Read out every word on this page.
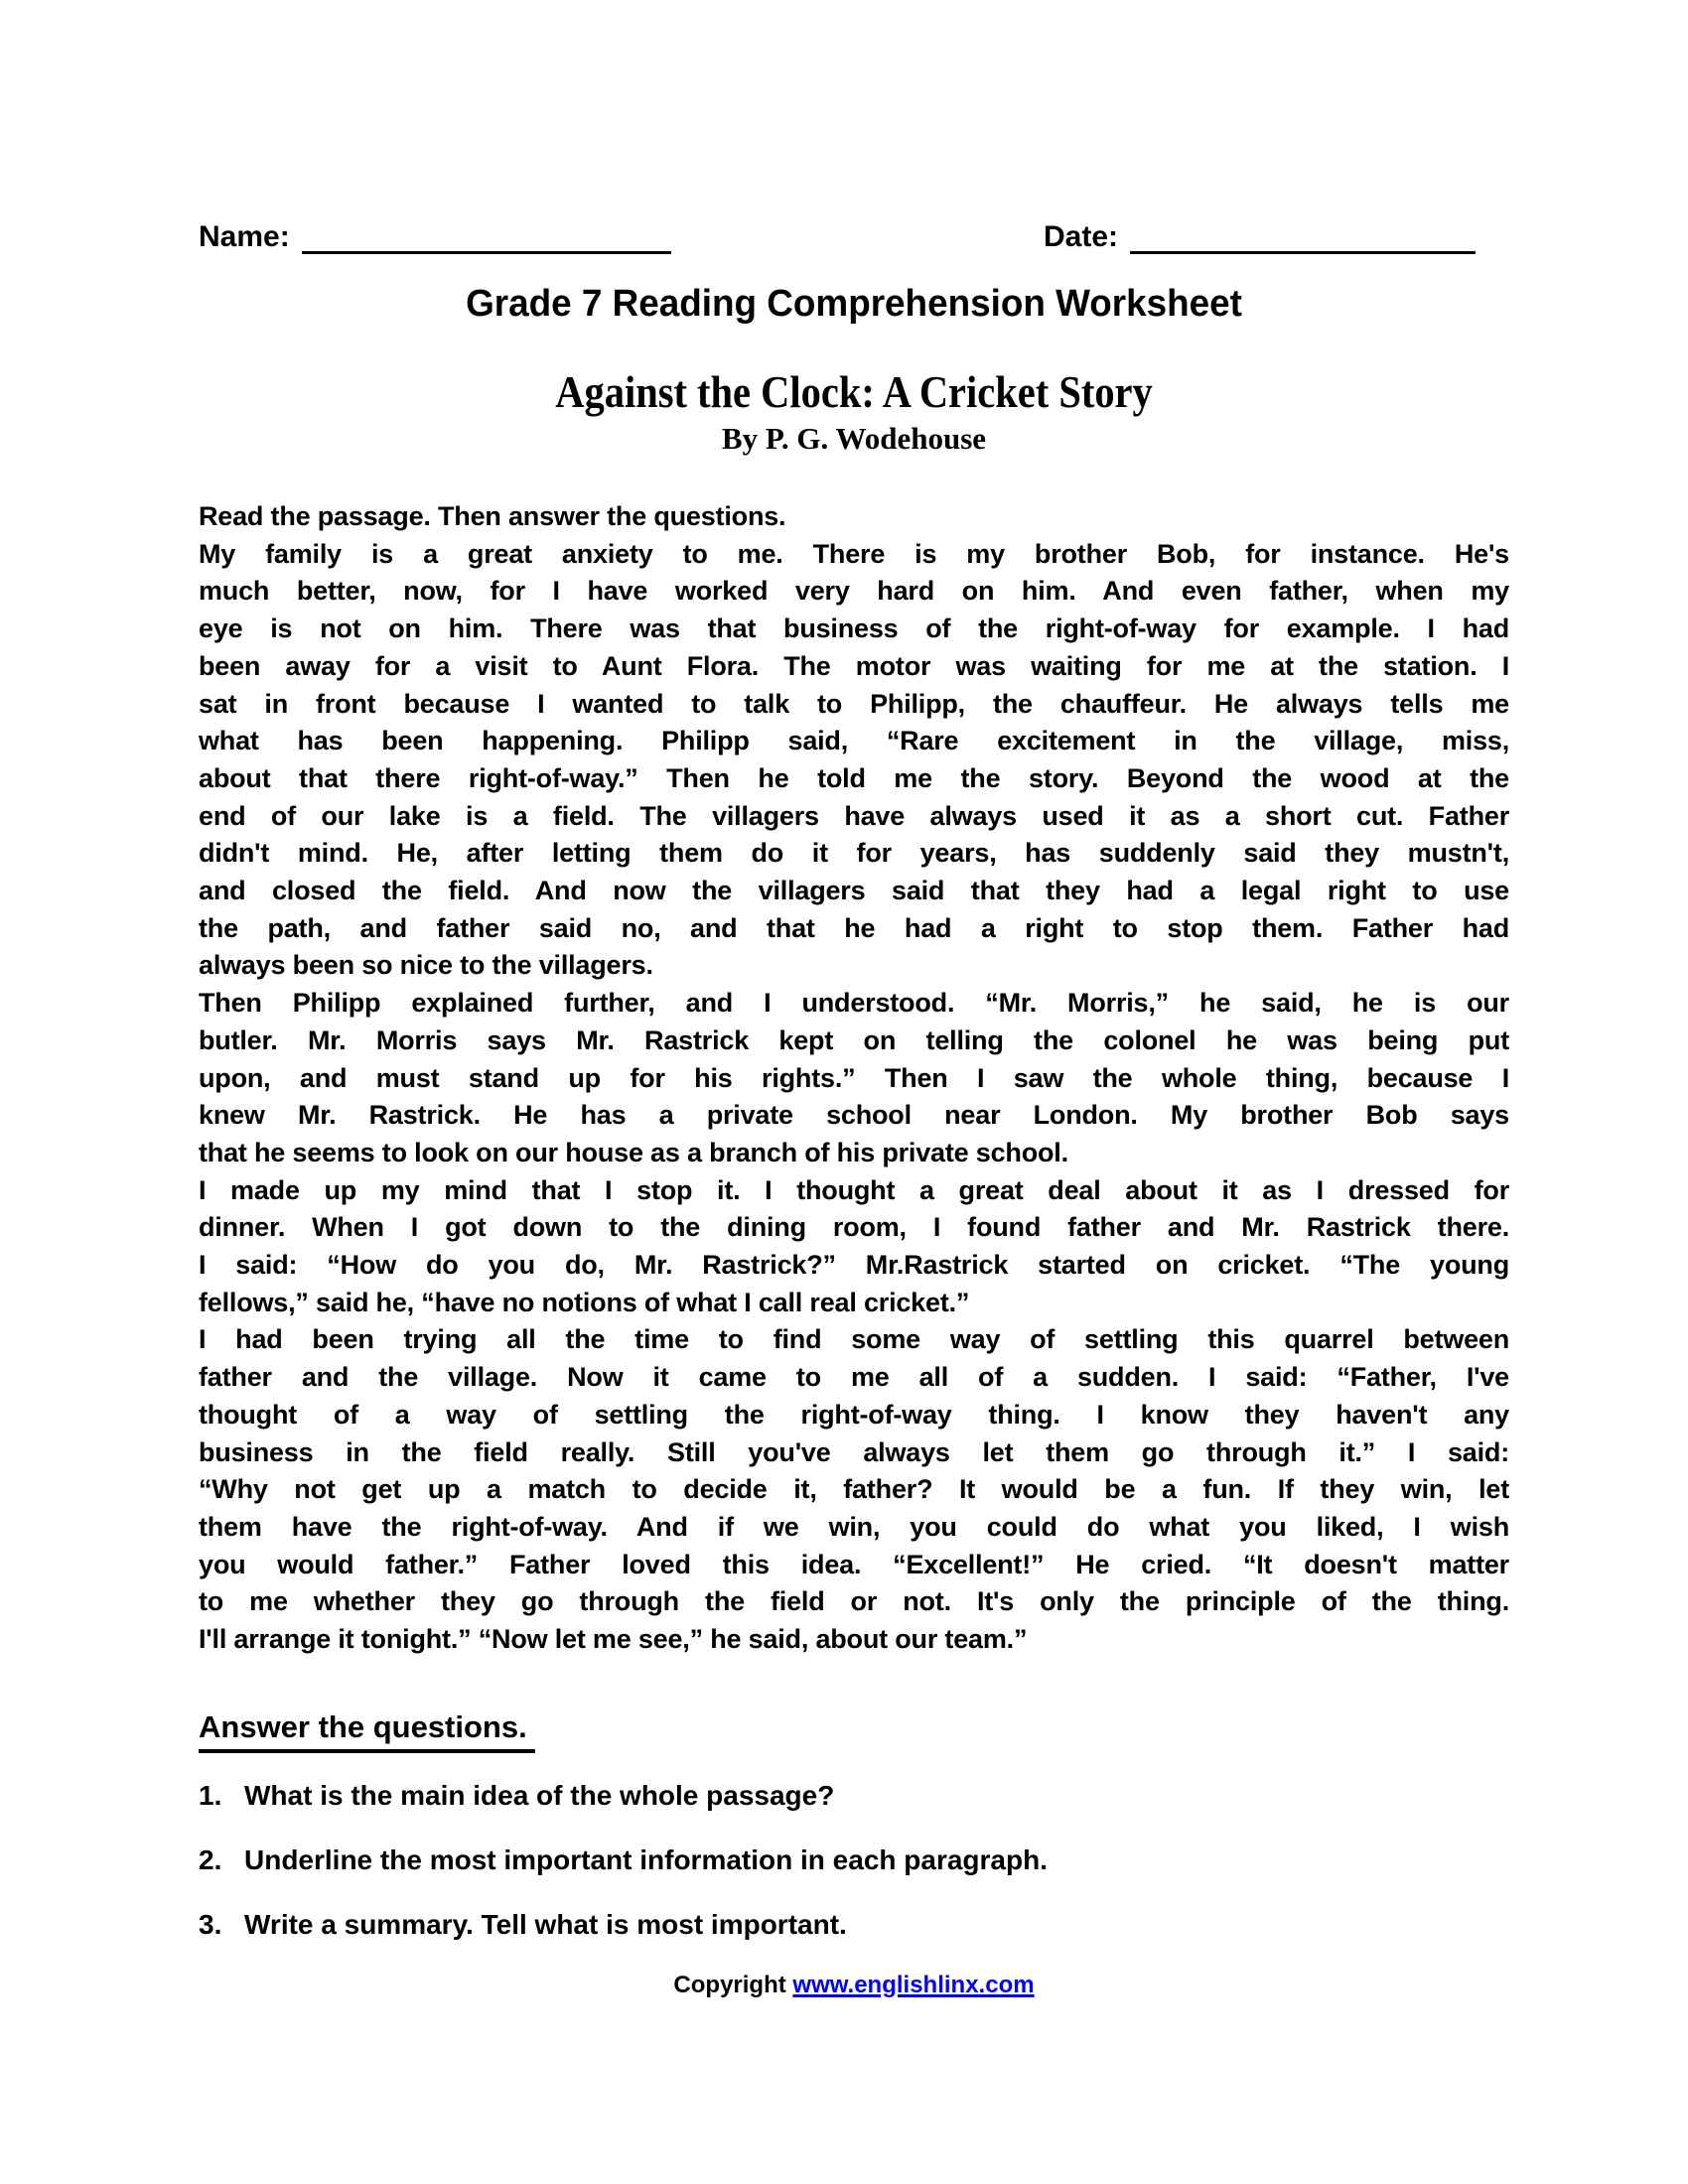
Name:	Date:
Grade 7 Reading Comprehension Worksheet
Against the Clock: A Cricket Story
By P. G. Wodehouse
Read the passage. Then answer the questions.
My family is a great anxiety to me. There is my brother Bob, for instance. He's
much better, now, for I have worked very hard on him. And even father, when my
eye is not on him. There was that business of the right-of-way for example. I had
been away for a visit to Aunt Flora. The motor was waiting for me at the station. I
sat in front because I wanted to talk to Philipp, the chauffeur. He always tells me
what has been happening. Philipp said, “Rare excitement in the village, miss,
about that there right-of-way.” Then he told me the story. Beyond the wood at the
end of our lake is a field. The villagers have always used it as a short cut. Father
didn't mind. He, after letting them do it for years, has suddenly said they mustn't,
and closed the field. And now the villagers said that they had a legal right to use
the path, and father said no, and that he had a right to stop them. Father had
always been so nice to the villagers.
Then Philipp explained further, and I understood. “Mr. Morris,” he said, he is our
butler. Mr. Morris says Mr. Rastrick kept on telling the colonel he was being put
upon, and must stand up for his rights.” Then I saw the whole thing, because I
knew Mr. Rastrick. He has a private school near London. My brother Bob says
that he seems to look on our house as a branch of his private school.
I made up my mind that I stop it. I thought a great deal about it as I dressed for
dinner. When I got down to the dining room, I found father and Mr. Rastrick there.
I said: “How do you do, Mr. Rastrick?” Mr.Rastrick started on cricket. “The young
fellows,” said he, “have no notions of what I call real cricket.”
I had been trying all the time to find some way of settling this quarrel between
father and the village. Now it came to me all of a sudden. I said: “Father, I've
thought of a way of settling the right-of-way thing. I know they haven't any
business in the field really. Still you've always let them go through it.” I said:
“Why not get up a match to decide it, father? It would be a fun. If they win, let
them have the right-of-way. And if we win, you could do what you liked, I wish
you would father.” Father loved this idea. “Excellent!” He cried. “It doesn't matter
to me whether they go through the field or not. It's only the principle of the thing.
I'll arrange it tonight.” “Now let me see,” he said, about our team.”
Answer the questions.
1. What is the main idea of the whole passage?
2. Underline the most important information in each paragraph.
3. Write a summary. Tell what is most important.
Copyright www.englishlinx.com
